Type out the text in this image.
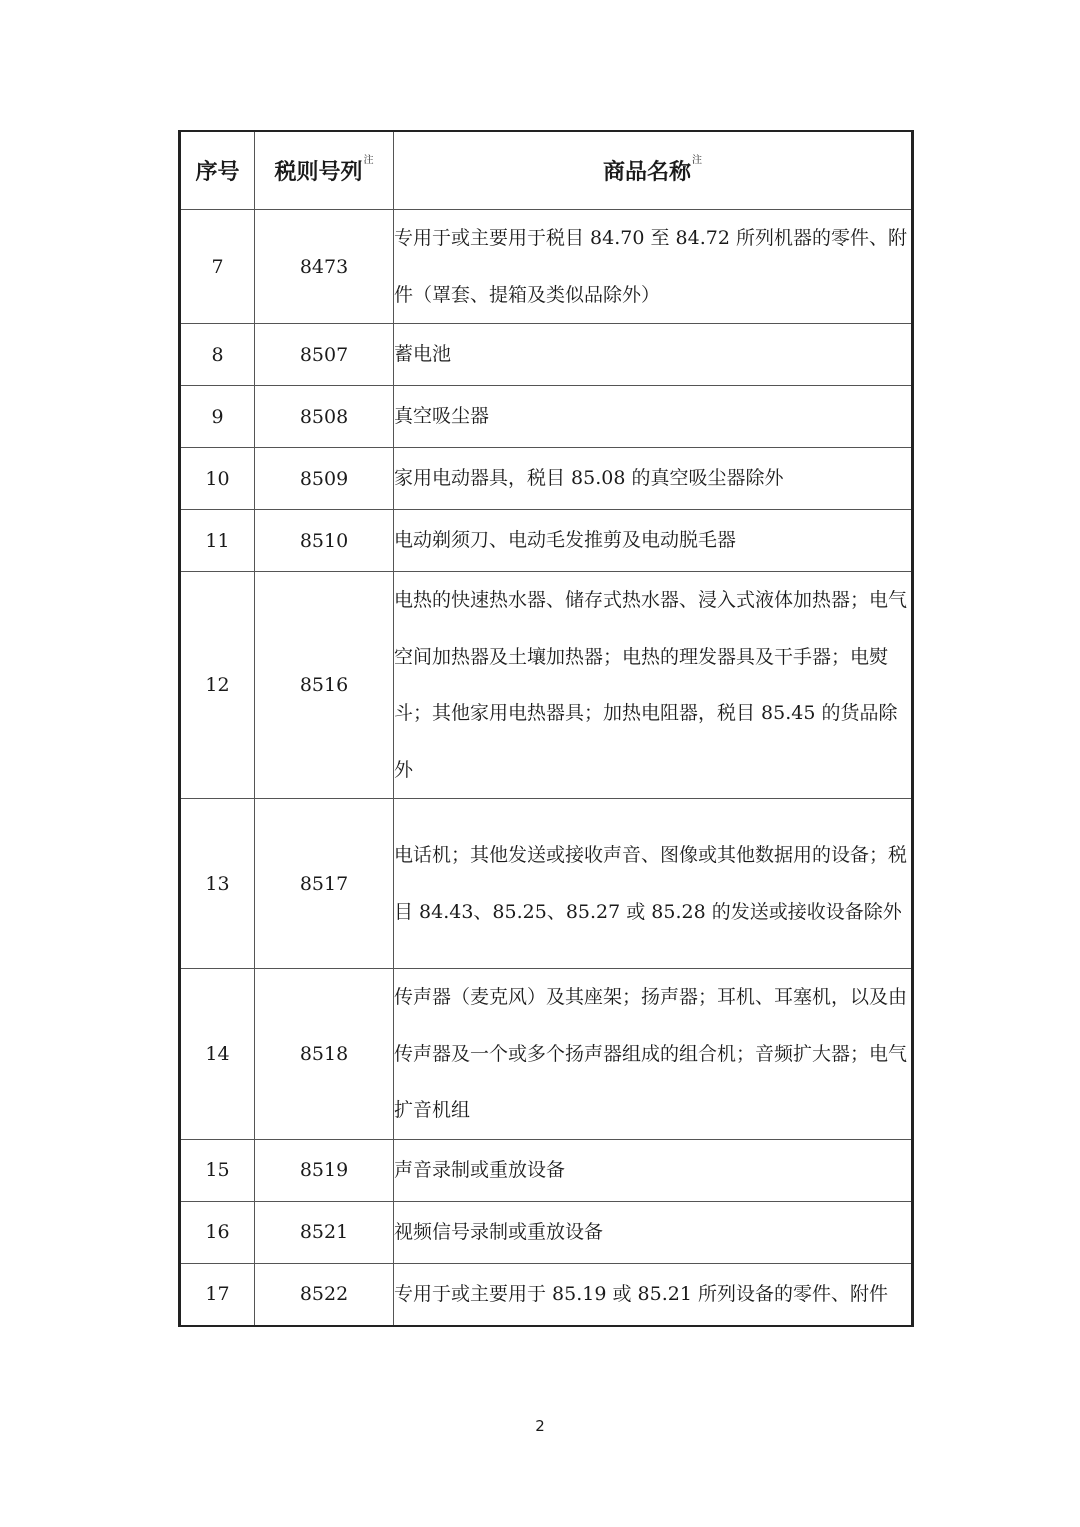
序号	税则号列$^注$	商品名称$^注$
7	8473	专用于或主要用于税目 84.70 至 84.72 所列机器的零件、附件（罩套、提箱及类似品除外）
8	8507	蓄电池
9	8508	真空吸尘器
10	8509	家用电动器具，税目 85.08 的真空吸尘器除外
11	8510	电动剃须刀、电动毛发推剪及电动脱毛器
12	8516	电热的快速热水器、储存式热水器、浸入式液体加热器；电气空间加热器及土壤加热器；电热的理发器具及干手器；电熨斗；其他家用电热器具；加热电阻器，税目 85.45 的货品除外
13	8517	电话机；其他发送或接收声音、图像或其他数据用的设备；税目 84.43、85.25、85.27 或 85.28 的发送或接收设备除外
14	8518	传声器（麦克风）及其座架；扬声器；耳机、耳塞机，以及由传声器及一个或多个扬声器组成的组合机；音频扩大器；电气扩音机组
15	8519	声音录制或重放设备
16	8521	视频信号录制或重放设备
17	8522	专用于或主要用于 85.19 或 85.21 所列设备的零件、附件
2
